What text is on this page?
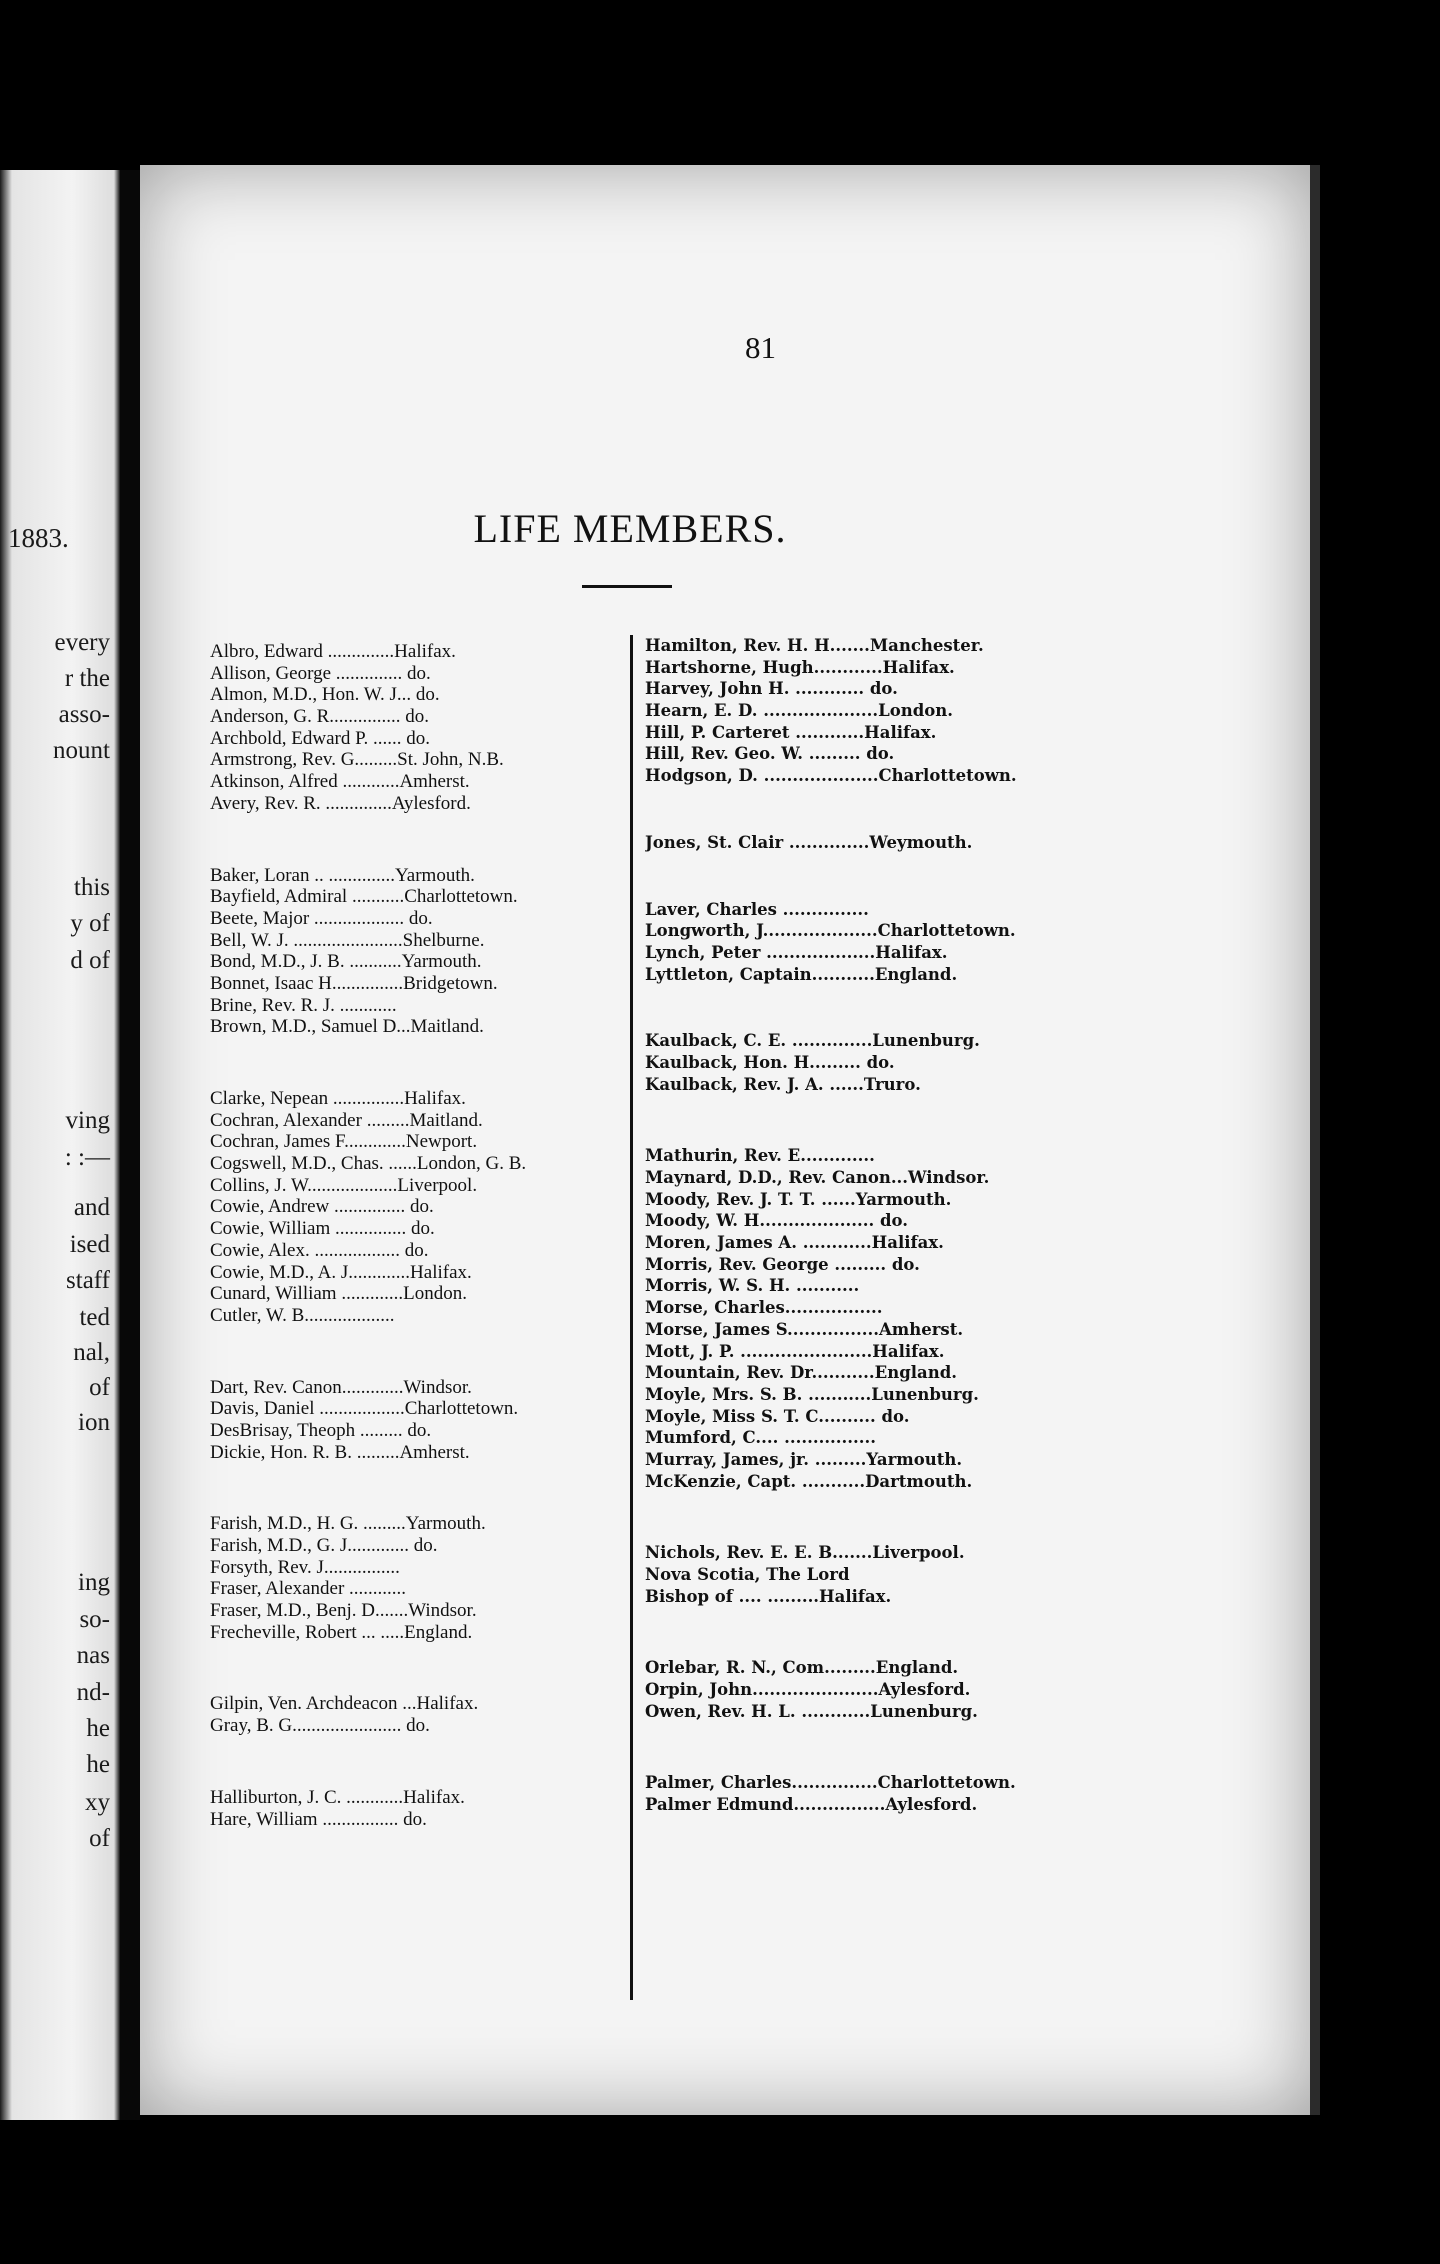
1883.
every
r the
asso-
nount
this
y of
d of
ving
: :—
and
ised
staff
ted
nal,
of
ion
ing
so-
nas
nd-
he
he
xy
of
81
LIFE MEMBERS.
Albro, Edward ..............Halifax.
Allison, George .............. do.
Almon, M.D., Hon. W. J... do.
Anderson, G. R............... do.
Archbold, Edward P. ...... do.
Armstrong, Rev. G.........St. John, N.B.
Atkinson, Alfred ............Amherst.
Avery, Rev. R. ..............Aylesford.
Baker, Loran .. ..............Yarmouth.
Bayfield, Admiral ...........Charlottetown.
Beete, Major ................... do.
Bell, W. J. .......................Shelburne.
Bond, M.D., J. B. ...........Yarmouth.
Bonnet, Isaac H...............Bridgetown.
Brine, Rev. R. J. ............
Brown, M.D., Samuel D...Maitland.
Clarke, Nepean ...............Halifax.
Cochran, Alexander .........Maitland.
Cochran, James F.............Newport.
Cogswell, M.D., Chas. ......London, G. B.
Collins, J. W...................Liverpool.
Cowie, Andrew ............... do.
Cowie, William ............... do.
Cowie, Alex. .................. do.
Cowie, M.D., A. J.............Halifax.
Cunard, William .............London.
Cutler, W. B...................
Dart, Rev. Canon.............Windsor.
Davis, Daniel ..................Charlottetown.
DesBrisay, Theoph ......... do.
Dickie, Hon. R. B. .........Amherst.
Farish, M.D., H. G. .........Yarmouth.
Farish, M.D., G. J............. do.
Forsyth, Rev. J................
Fraser, Alexander ............
Fraser, M.D., Benj. D.......Windsor.
Frecheville, Robert ... .....England.
Gilpin, Ven. Archdeacon ...Halifax.
Gray, B. G....................... do.
Halliburton, J. C. ............Halifax.
Hare, William ................ do.
Hamilton, Rev. H. H.......Manchester.
Hartshorne, Hugh............Halifax.
Harvey, John H. ............ do.
Hearn, E. D. ....................London.
Hill, P. Carteret ............Halifax.
Hill, Rev. Geo. W. ......... do.
Hodgson, D. ....................Charlottetown.
Jones, St. Clair ..............Weymouth.
Laver, Charles ...............
Longworth, J....................Charlottetown.
Lynch, Peter ...................Halifax.
Lyttleton, Captain...........England.
Kaulback, C. E. ..............Lunenburg.
Kaulback, Hon. H......... do.
Kaulback, Rev. J. A. ......Truro.
Mathurin, Rev. E.............
Maynard, D.D., Rev. Canon...Windsor.
Moody, Rev. J. T. T. ......Yarmouth.
Moody, W. H.................... do.
Moren, James A. ............Halifax.
Morris, Rev. George ......... do.
Morris, W. S. H. ...........
Morse, Charles.................
Morse, James S................Amherst.
Mott, J. P. .......................Halifax.
Mountain, Rev. Dr...........England.
Moyle, Mrs. S. B. ...........Lunenburg.
Moyle, Miss S. T. C.......... do.
Mumford, C.... ................
Murray, James, jr. .........Yarmouth.
McKenzie, Capt. ...........Dartmouth.
Nichols, Rev. E. E. B.......Liverpool.
Nova Scotia, The Lord
Bishop of .... .........Halifax.
Orlebar, R. N., Com.........England.
Orpin, John......................Aylesford.
Owen, Rev. H. L. ............Lunenburg.
Palmer, Charles...............Charlottetown.
Palmer Edmund................Aylesford.
